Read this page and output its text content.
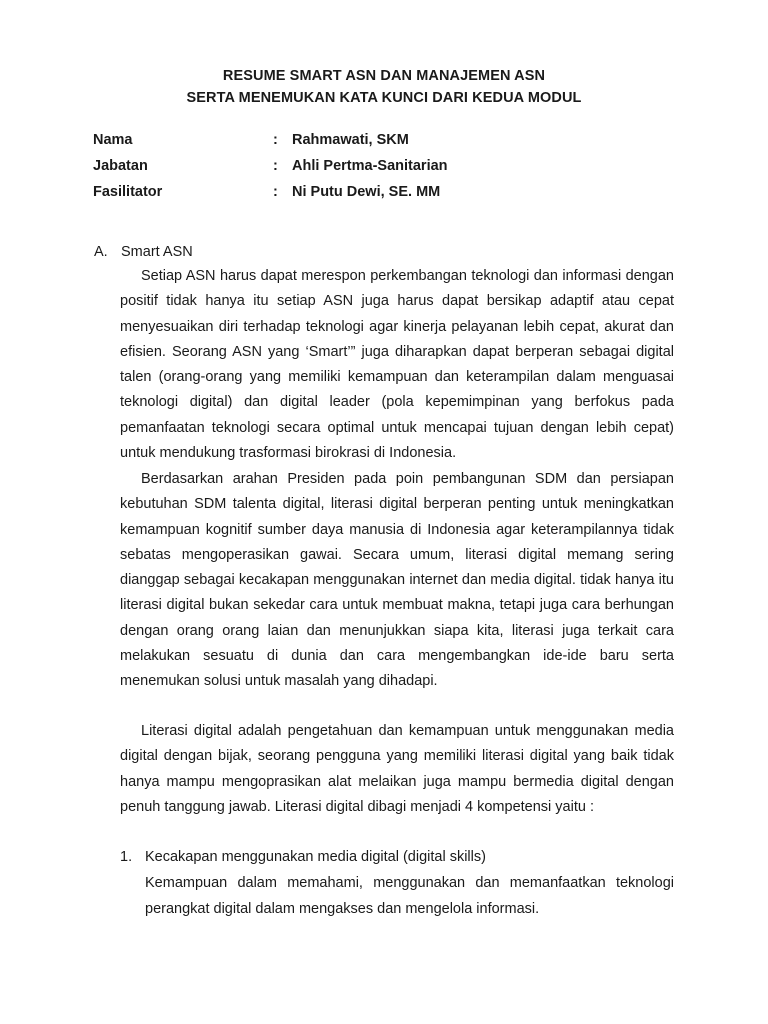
RESUME SMART ASN DAN MANAJEMEN ASN
SERTA MENEMUKAN KATA KUNCI DARI KEDUA MODUL
Nama	: Rahmawati, SKM
Jabatan	: Ahli Pertma-Sanitarian
Fasilitator	: Ni Putu Dewi, SE. MM
A. Smart ASN

Setiap ASN harus dapat merespon perkembangan teknologi dan informasi dengan positif tidak hanya itu setiap ASN juga harus dapat bersikap adaptif atau cepat menyesuaikan diri terhadap teknologi agar kinerja pelayanan lebih cepat, akurat dan efisien. Seorang ASN yang ‘Smart’” juga diharapkan dapat berperan sebagai digital talen (orang-orang yang memiliki kemampuan dan keterampilan dalam menguasai teknologi digital) dan digital leader (pola kepemimpinan yang berfokus pada pemanfaatan teknologi secara optimal untuk mencapai tujuan dengan lebih cepat) untuk mendukung trasformasi birokrasi di Indonesia.

Berdasarkan arahan Presiden pada poin pembangunan SDM dan persiapan kebutuhan SDM talenta digital, literasi digital berperan penting untuk meningkatkan kemampuan kognitif sumber daya manusia di Indonesia agar keterampilannya tidak sebatas mengoperasikan gawai. Secara umum, literasi digital memang sering dianggap sebagai kecakapan menggunakan internet dan media digital. tidak hanya itu literasi digital bukan sekedar cara untuk membuat makna, tetapi juga cara berhungan dengan orang orang laian dan menunjukkan siapa kita, literasi juga terkait cara melakukan sesuatu di dunia dan cara mengembangkan ide-ide baru serta menemukan solusi untuk masalah yang dihadapi.

Literasi digital adalah pengetahuan dan kemampuan untuk menggunakan media digital dengan bijak, seorang pengguna yang memiliki literasi digital yang baik tidak hanya mampu mengoprasikan alat melaikan juga mampu bermedia digital dengan penuh tanggung jawab. Literasi digital dibagi menjadi 4 kompetensi yaitu :

1. Kecakapan menggunakan media digital (digital skills)

Kemampuan dalam memahami, menggunakan dan memanfaatkan teknologi perangkat digital dalam mengakses dan mengelola informasi.
